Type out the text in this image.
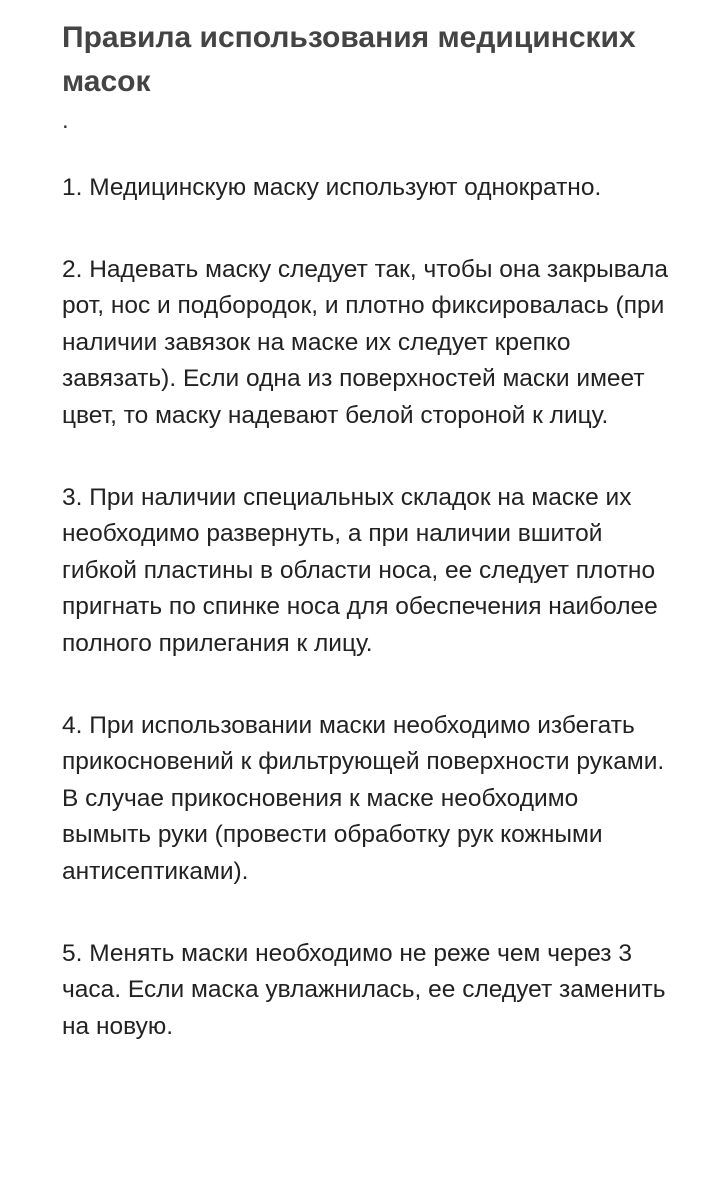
Правила использования медицинских масок
.
1. Медицинскую маску используют однократно.
2. Надевать маску следует так, чтобы она закрывала рот, нос и подбородок, и плотно фиксировалась (при наличии завязок на маске их следует крепко завязать). Если одна из поверхностей маски имеет цвет, то маску надевают белой стороной к лицу.
3. При наличии специальных складок на маске их необходимо развернуть, а при наличии вшитой гибкой пластины в области носа, ее следует плотно пригнать по спинке носа для обеспечения наиболее полного прилегания к лицу.
4. При использовании маски необходимо избегать прикосновений к фильтрующей поверхности руками. В случае прикосновения к маске необходимо вымыть руки (провести обработку рук кожными антисептиками).
5. Менять маски необходимо не реже чем через 3 часа. Если маска увлажнилась, ее следует заменить на новую.
